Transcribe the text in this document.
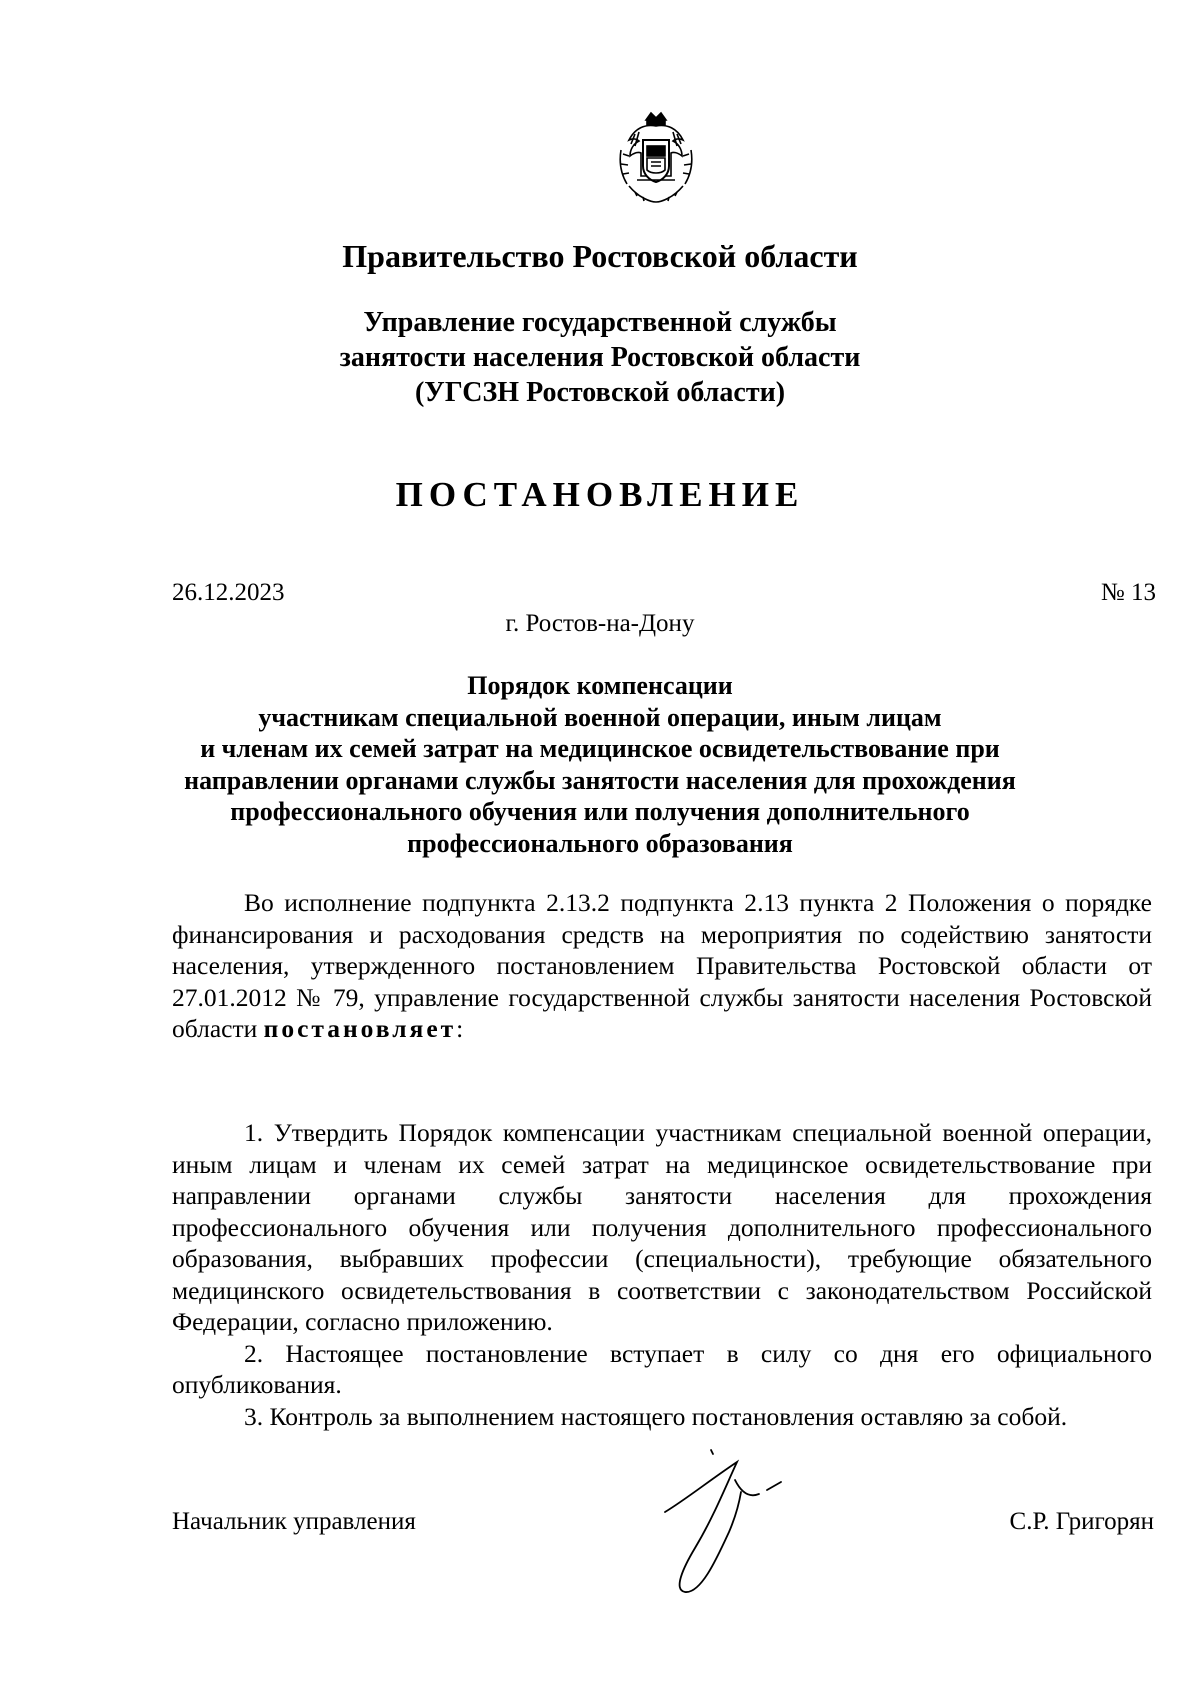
Правительство Ростовской области
Управление государственной службы
занятости населения Ростовской области
(УГСЗН Ростовской области)
ПОСТАНОВЛЕНИЕ
26.12.2023	№ 13
г. Ростов-на-Дону
Порядок компенсации
участникам специальной военной операции, иным лицам
и членам их семей затрат на медицинское освидетельствование при
направлении органами службы занятости населения для прохождения
профессионального обучения или получения дополнительного
профессионального образования

Во исполнение подпункта 2.13.2 подпункта 2.13 пункта 2 Положения о порядке финансирования и расходования средств на мероприятия по содействию занятости населения, утвержденного постановлением Правительства Ростовской области от 27.01.2012 № 79, управление государственной службы занятости населения Ростовской области постановляет:

1. Утвердить Порядок компенсации участникам специальной военной операции, иным лицам и членам их семей затрат на медицинское освидетельствование при направлении органами службы занятости населения для прохождения профессионального обучения или получения дополнительного профессионального образования, выбравших профессии (специальности), требующие обязательного медицинского освидетельствования в соответствии с законодательством Российской Федерации, согласно приложению.

2. Настоящее постановление вступает в силу со дня его официального опубликования.

3. Контроль за выполнением настоящего постановления оставляю за собой.

Начальник управления	С.Р. Григорян
